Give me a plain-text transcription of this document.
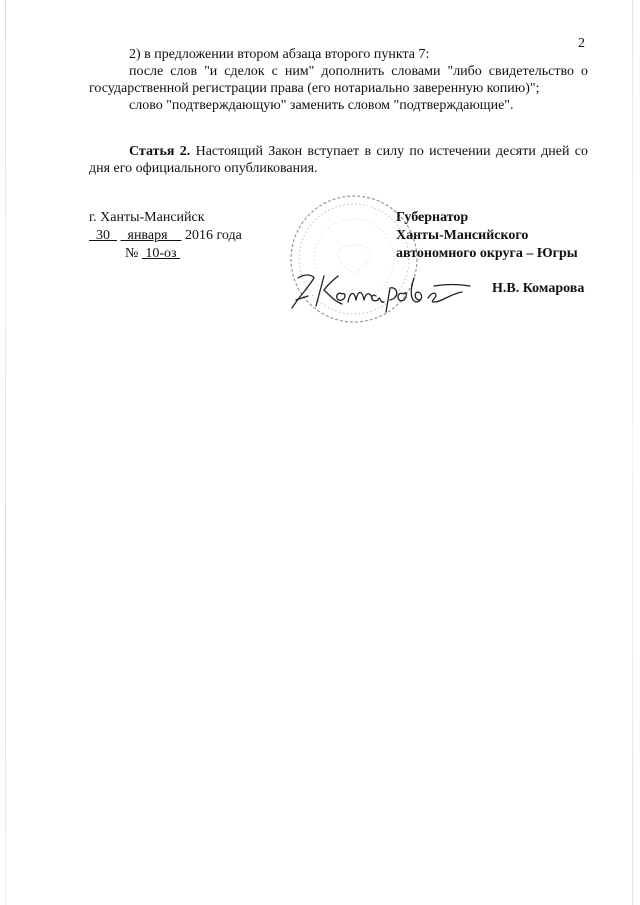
2

2) в предложении втором абзаца второго пункта 7:

после слов "и сделок с ним" дополнить словами "либо свидетельство о государственной регистрации права (его нотариально заверенную копию)";

слово "подтверждающую" заменить словом "подтверждающие".

Статья 2. Настоящий Закон вступает в силу по истечении десяти дней со дня его официального опубликования.

г. Ханты-Мансийск
30 января 2016 года
№ 10-оз
Губернатор
Ханты-Мансийского
автономного округа – Югры
Н.В. Комарова
